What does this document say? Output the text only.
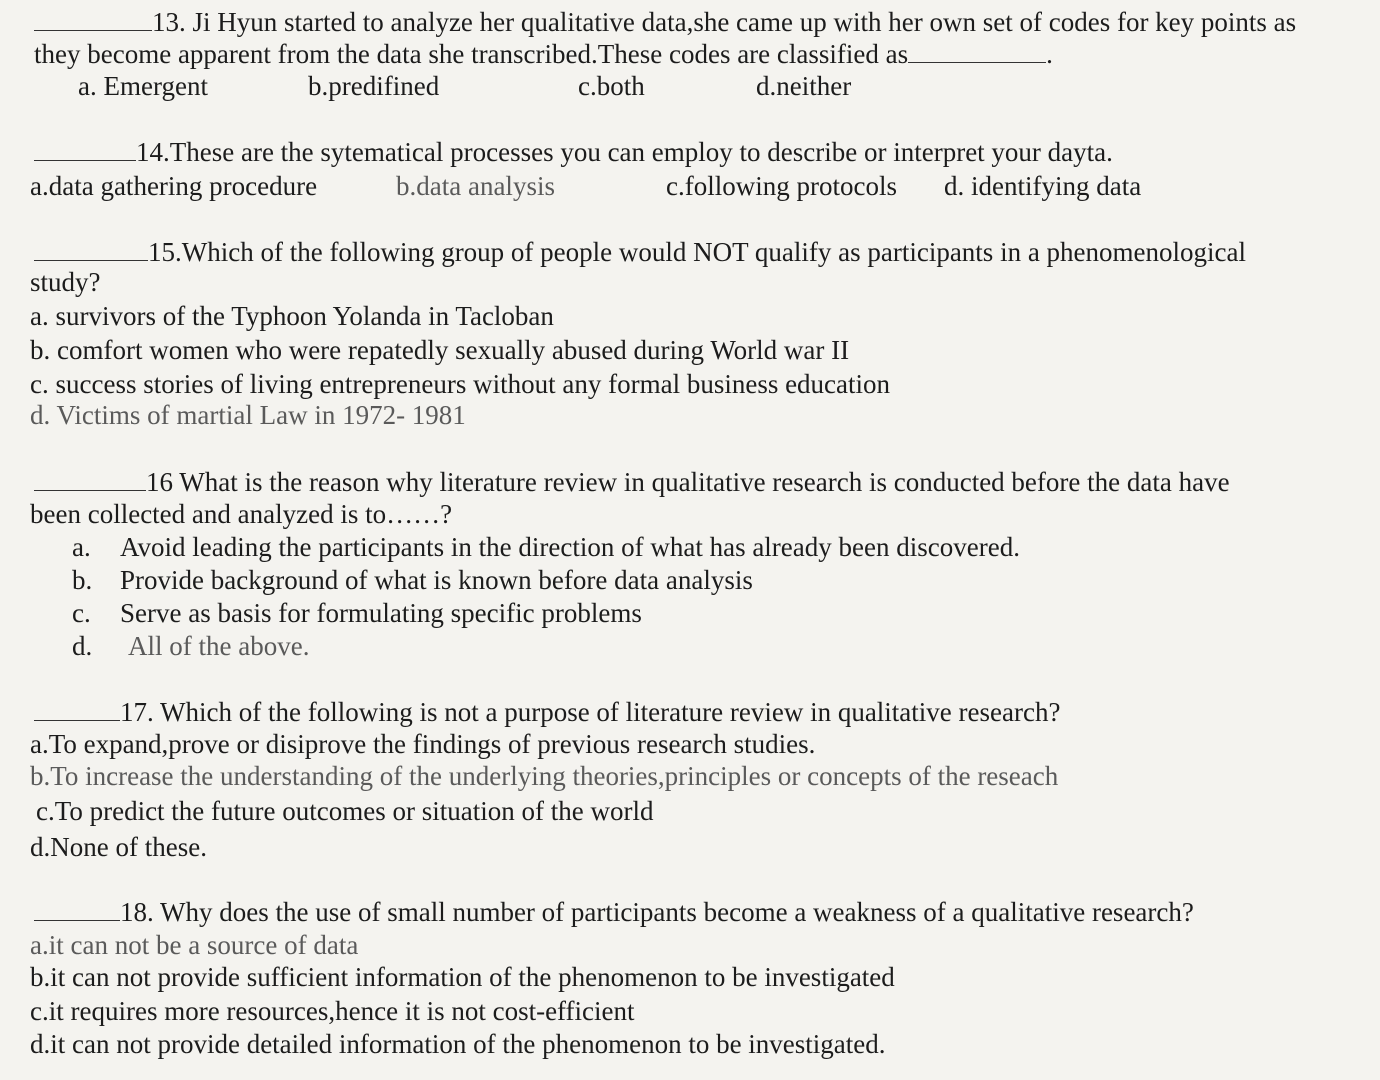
13. Ji Hyun started to analyze her qualitative data,she came up with her own set of codes for key points as
they become apparent from the data she transcribed.These codes are classified as	.
a. Emergent	b.predifined	c.both	d.neither
14.These are the sytematical processes you can employ to describe or interpret your dayta.
a.data gathering procedure	b.data analysis	c.following protocols d. identifying data
15.Which of the following group of people would NOT qualify as participants in a phenomenological
study?
a. survivors of the Typhoon Yolanda in Tacloban
b. comfort women who were repatedly sexually abused during World war II
c. success stories of living entrepreneurs without any formal business education
d. Victims of martial Law in 1972- 1981
16 What is the reason why literature review in qualitative research is conducted before the data have
been collected and analyzed is to……?
a. Avoid leading the participants in the direction of what has already been discovered.
b. Provide background of what is known before data analysis
c. Serve as basis for formulating specific problems
d. All of the above.
17. Which of the following is not a purpose of literature review in qualitative research?
a.To expand,prove or disiprove the findings of previous research studies.
b.To increase the understanding of the underlying theories,principles or concepts of the reseach
c.To predict the future outcomes or situation of the world
d.None of these.
18. Why does the use of small number of participants become a weakness of a qualitative research?
a.it can not be a source of data
b.it can not provide sufficient information of the phenomenon to be investigated
c.it requires more resources,hence it is not cost-efficient
d.it can not provide detailed information of the phenomenon to be investigated.
